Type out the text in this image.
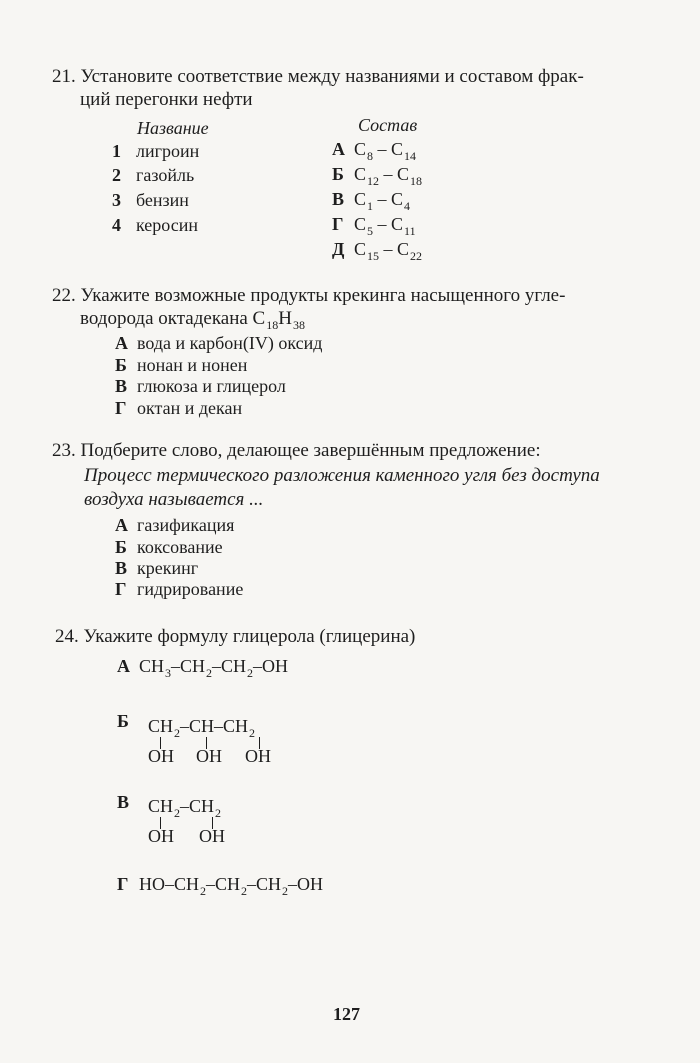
21. Установите соответствие между названиями и составом фрак-
ций перегонки нефти
Название	Состав
1 лигроин
2 газойль
3 бензин
4 керосин
А $C_8 - C_{14}$
Б $C_{12} - C_{18}$
В $C_1 - C_4$
Г $C_5 - C_{11}$
Д $C_{15} - C_{22}$
22. Укажите возможные продукты крекинга насыщенного угле-
водорода октадекана $C_{18}H_{38}$
А вода и карбон(IV) оксид
Б нонан и нонен
В глюкоза и глицерол
Г октан и декан
23. Подберите слово, делающее завершённым предложение:
Процесс термического разложения каменного угля без доступа
воздуха называется ...
А газификация
Б коксование
В крекинг
Г гидрирование
24. Укажите формулу глицерола (глицерина)
А $CH_3-CH_2-CH_2-OH$
Б	$CH_2-CH-CH_2$
OH OH OH
В	$CH_2-CH_2$
OH OH
Г $HO-CH_2-CH_2-CH_2-OH$
127
